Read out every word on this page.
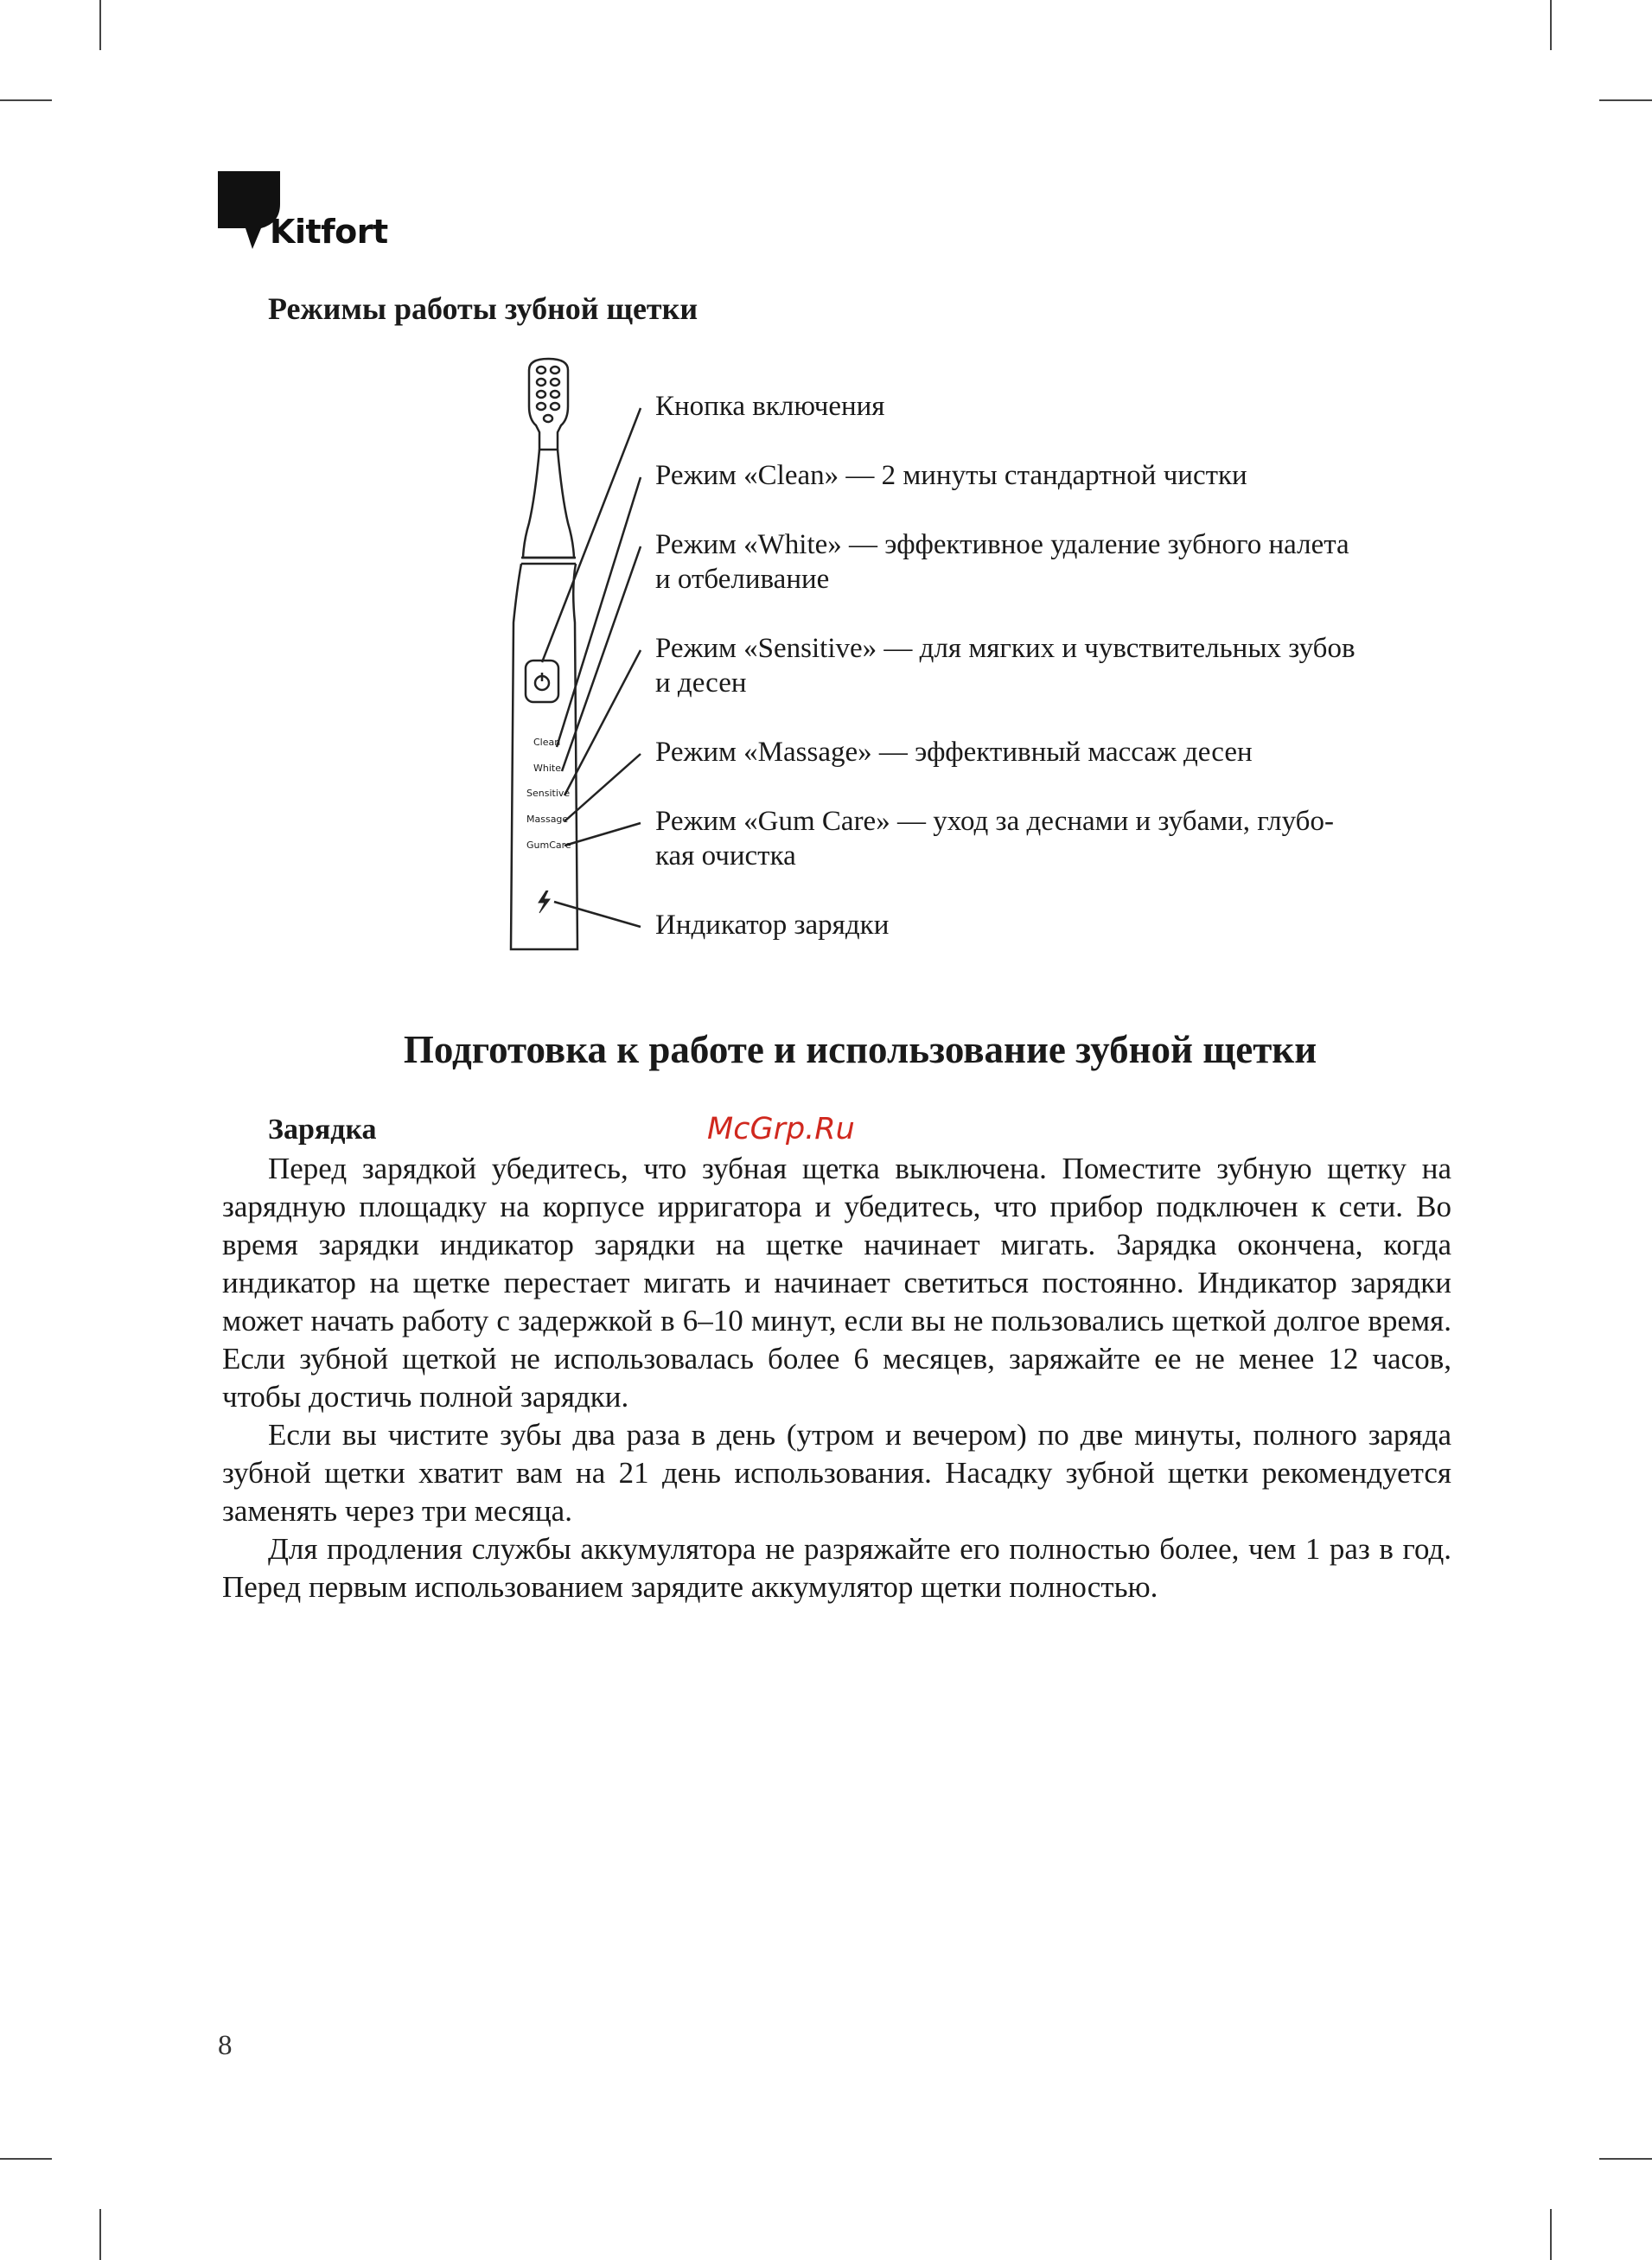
Kitfort
Режимы работы зубной щетки
Clean
White
Sensitive
Massage
GumCare
Кнопка включения
Режим «Clean» — 2 минуты стандартной чистки
Режим «White» — эффективное удаление зубного налета
и отбеливание
Режим «Sensitive» — для мягких и чувствительных зубов
и десен
Режим «Massage» — эффективный массаж десен
Режим «Gum Care» — уход за деснами и зубами, глубо-
кая очистка
Индикатор зарядки
Подготовка к работе и использование зубной щетки
Зарядка	McGrp.Ru

Перед зарядкой убедитесь, что зубная щетка выключена. Поместите зубную щетку на зарядную площадку на корпусе ирригатора и убедитесь, что прибор подключен к сети. Во время зарядки индикатор зарядки на щетке начинает мигать. Зарядка окончена, когда индикатор на щетке перестает мигать и начинает светиться постоянно. Индикатор зарядки может начать работу с задержкой в 6–10 минут, если вы не пользовались щеткой долгое время. Если зубной щеткой не использовалась более 6 месяцев, заряжайте ее не менее 12 часов, чтобы достичь полной зарядки.

Если вы чистите зубы два раза в день (утром и вечером) по две минуты, полного заряда зубной щетки хватит вам на 21 день использования. Насадку зубной щетки рекомендуется заменять через три месяца.

Для продления службы аккумулятора не разряжайте его полностью более, чем 1 раз в год. Перед первым использованием зарядите аккумулятор щетки полностью.

8
